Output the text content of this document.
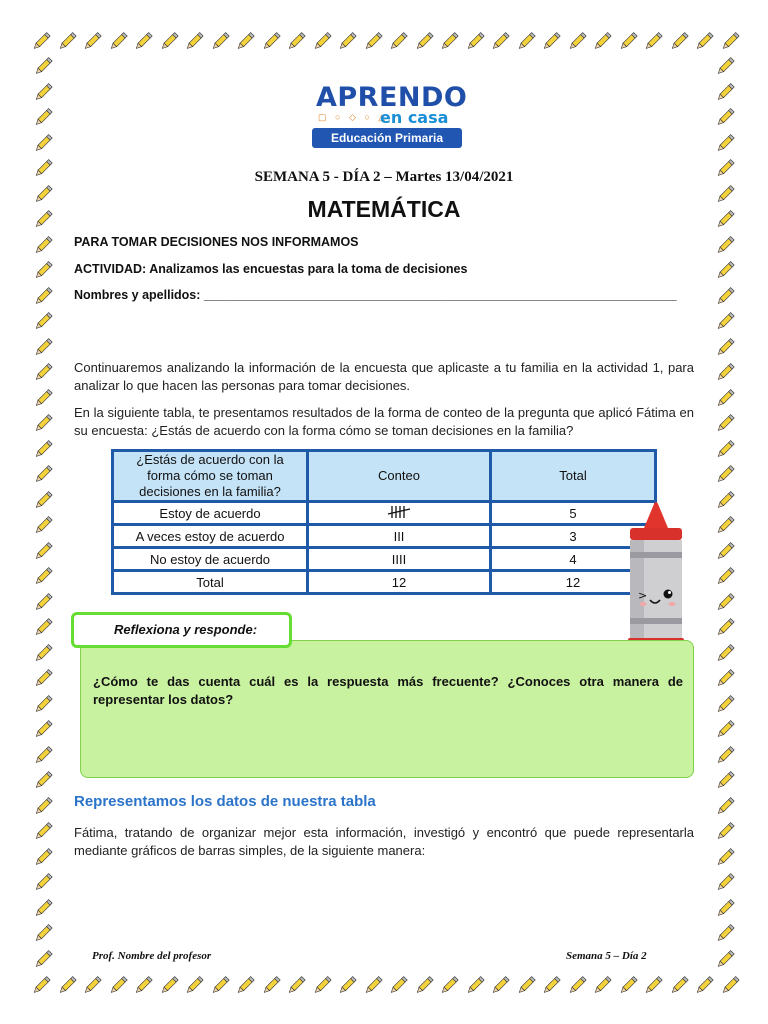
APRENDO
▢ ○ ◇ ○ △
en casa
Educación Primaria
SEMANA 5 - DÍA 2 – Martes 13/04/2021
MATEMÁTICA
PARA TOMAR DECISIONES NOS INFORMAMOS
ACTIVIDAD: Analizamos las encuestas para la toma de decisiones
Nombres y apellidos: ____________________________________________________________________
Continuaremos analizando la información de la encuesta que aplicaste a tu familia en la actividad 1, para analizar lo que hacen las personas para tomar decisiones.
En la siguiente tabla, te presentamos resultados de la forma de conteo de la pregunta que aplicó Fátima en su encuesta: ¿Estás de acuerdo con la forma cómo se toman decisiones en la familia?
¿Estás de acuerdo con la forma cómo se toman decisiones en la familia?	Conteo	Total
Estoy de acuerdo		5
A veces estoy de acuerdo	III	3
No estoy de acuerdo	IIII	4
Total	12	12
>
¿Cómo te das cuenta cuál es la respuesta más frecuente? ¿Conoces otra manera de representar los datos?
Reflexiona y responde:
Representamos los datos de nuestra tabla
Fátima, tratando de organizar mejor esta información, investigó y encontró que puede representarla mediante gráficos de barras simples, de la siguiente manera:
Prof. Nombre del profesor	Semana 5 – Día 2
